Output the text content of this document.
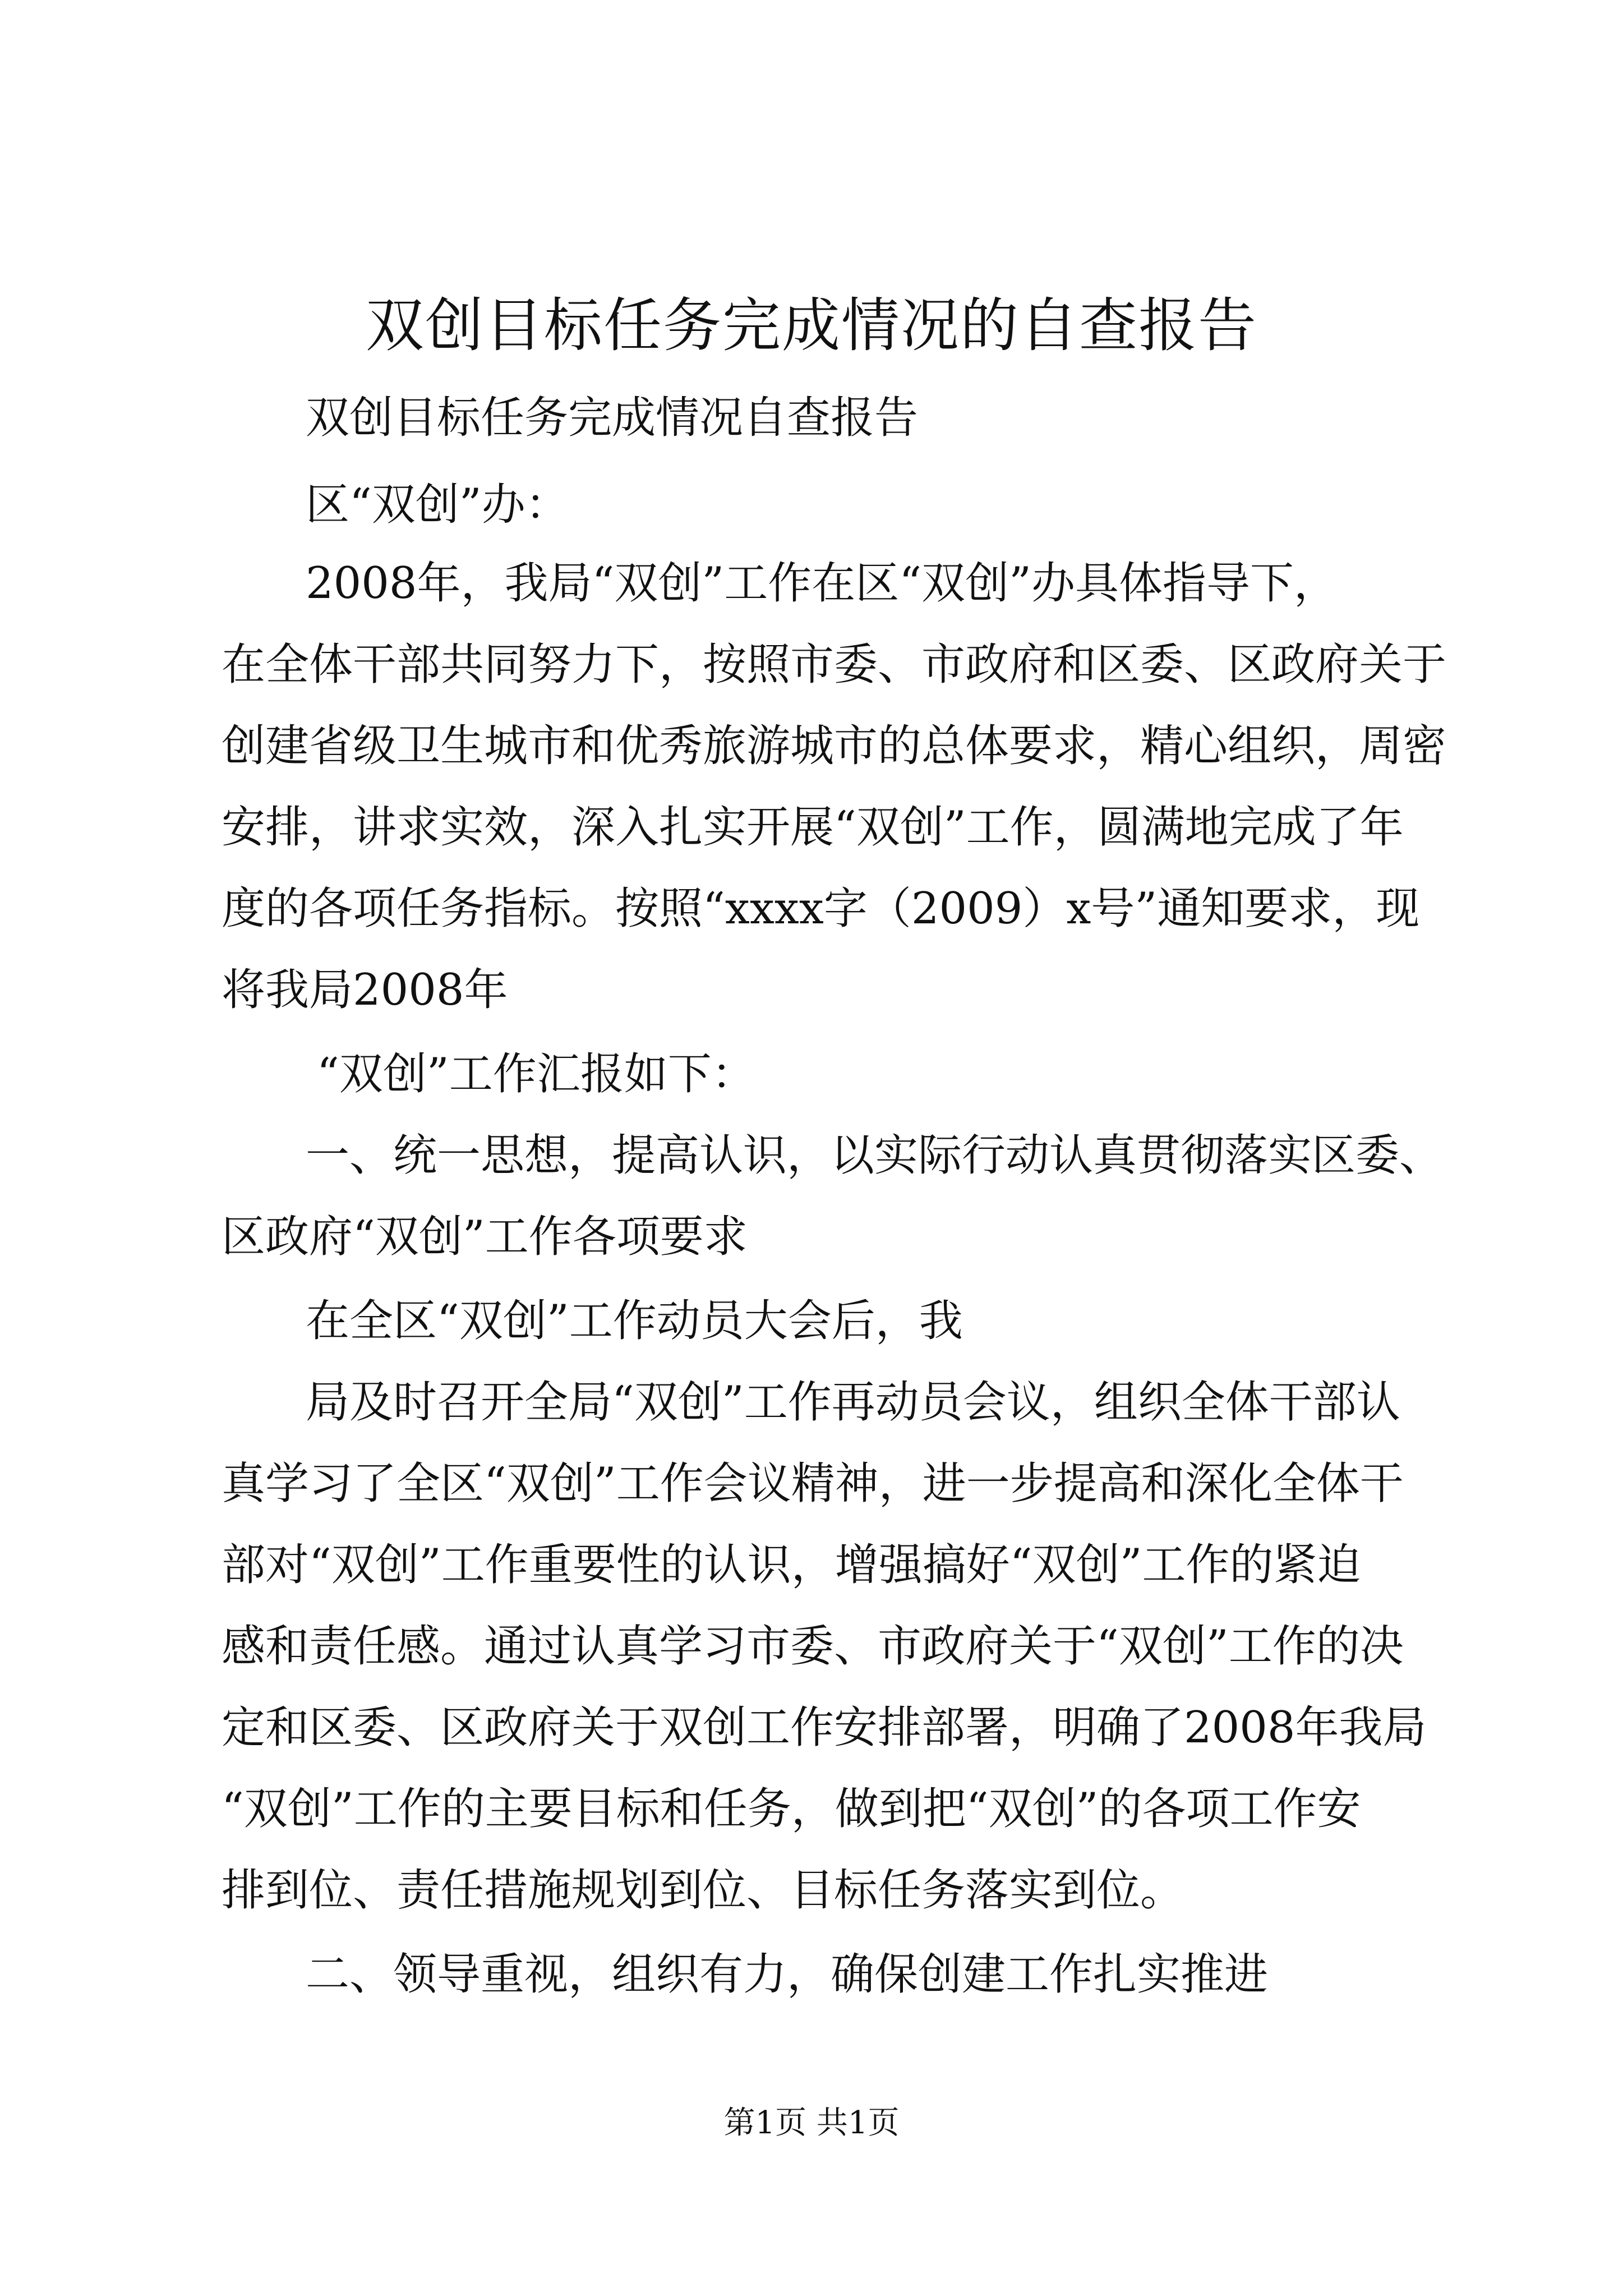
双创目标任务完成情况的自查报告
双创目标任务完成情况自查报告
区“双创”办：
2008年，我局“双创”工作在区“双创”办具体指导下，
在全体干部共同努力下，按照市委、市政府和区委、区政府关于
创建省级卫生城市和优秀旅游城市的总体要求，精心组织，周密
安排，讲求实效，深入扎实开展“双创”工作，圆满地完成了年
度的各项任务指标。按照“xxxx字（2009）x号”通知要求，现
将我局2008年
“双创”工作汇报如下：
一、统一思想，提高认识，以实际行动认真贯彻落实区委、
区政府“双创”工作各项要求
在全区“双创”工作动员大会后，我
局及时召开全局“双创”工作再动员会议，组织全体干部认
真学习了全区“双创”工作会议精神，进一步提高和深化全体干
部对“双创”工作重要性的认识，增强搞好“双创”工作的紧迫
感和责任感。通过认真学习市委、市政府关于“双创”工作的决
定和区委、区政府关于双创工作安排部署，明确了2008年我局
“双创”工作的主要目标和任务，做到把“双创”的各项工作安
排到位、责任措施规划到位、目标任务落实到位。
二、领导重视，组织有力，确保创建工作扎实推进
第1页 共1页
